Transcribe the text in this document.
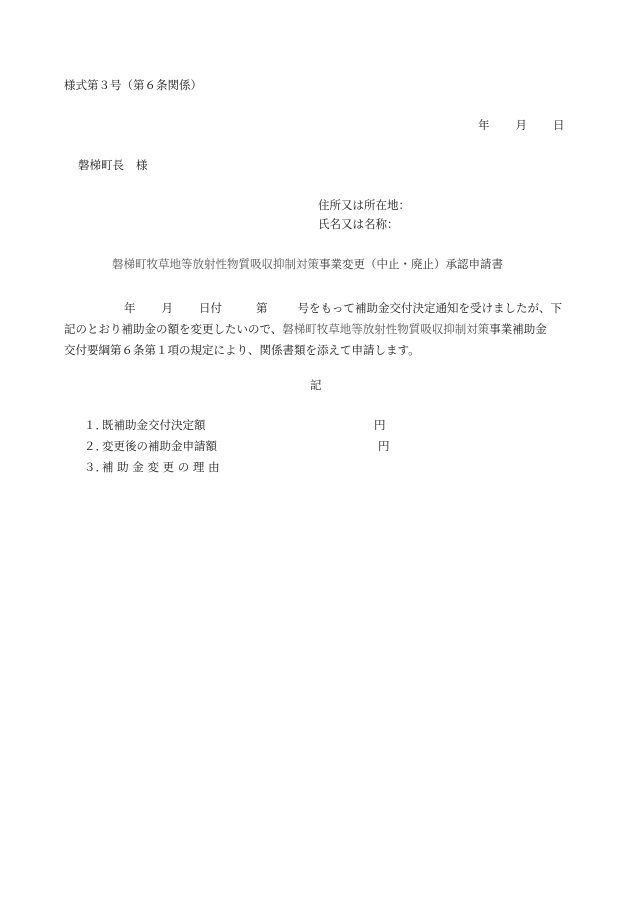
様式第３号（第６条関係）
年 月 日
磐梯町長 様
住所又は所在地：
氏名又は名称：
磐梯町牧草地等放射性物質吸収抑制対策事業変更（中止・廃止）承認申請書
年 月 日付	第	号をもって補助金交付決定通知を受けましたが、下
記のとおり補助金の額を変更したいので、磐梯町牧草地等放射性物質吸収抑制対策事業補助金
交付要綱第６条第１項の規定により、関係書類を添えて申請します。
記
１．既補助金交付決定額	円
２．変更後の補助金申請額	円
３．補 助 金 変 更 の 理 由
